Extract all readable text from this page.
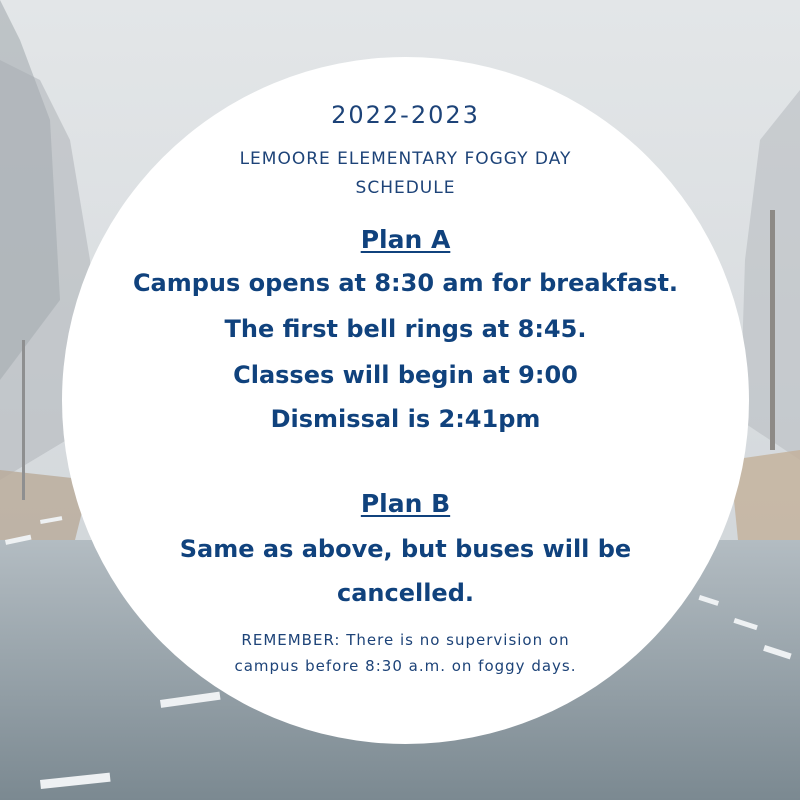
2022-2023
LEMOORE ELEMENTARY FOGGY DAY SCHEDULE
Plan A
Campus opens at 8:30 am for breakfast.
The first bell rings at 8:45.
Classes will begin at 9:00
Dismissal is 2:41pm
Plan B
Same as above, but buses will be
cancelled.
REMEMBER: There is no supervision on campus before 8:30 a.m. on foggy days.
